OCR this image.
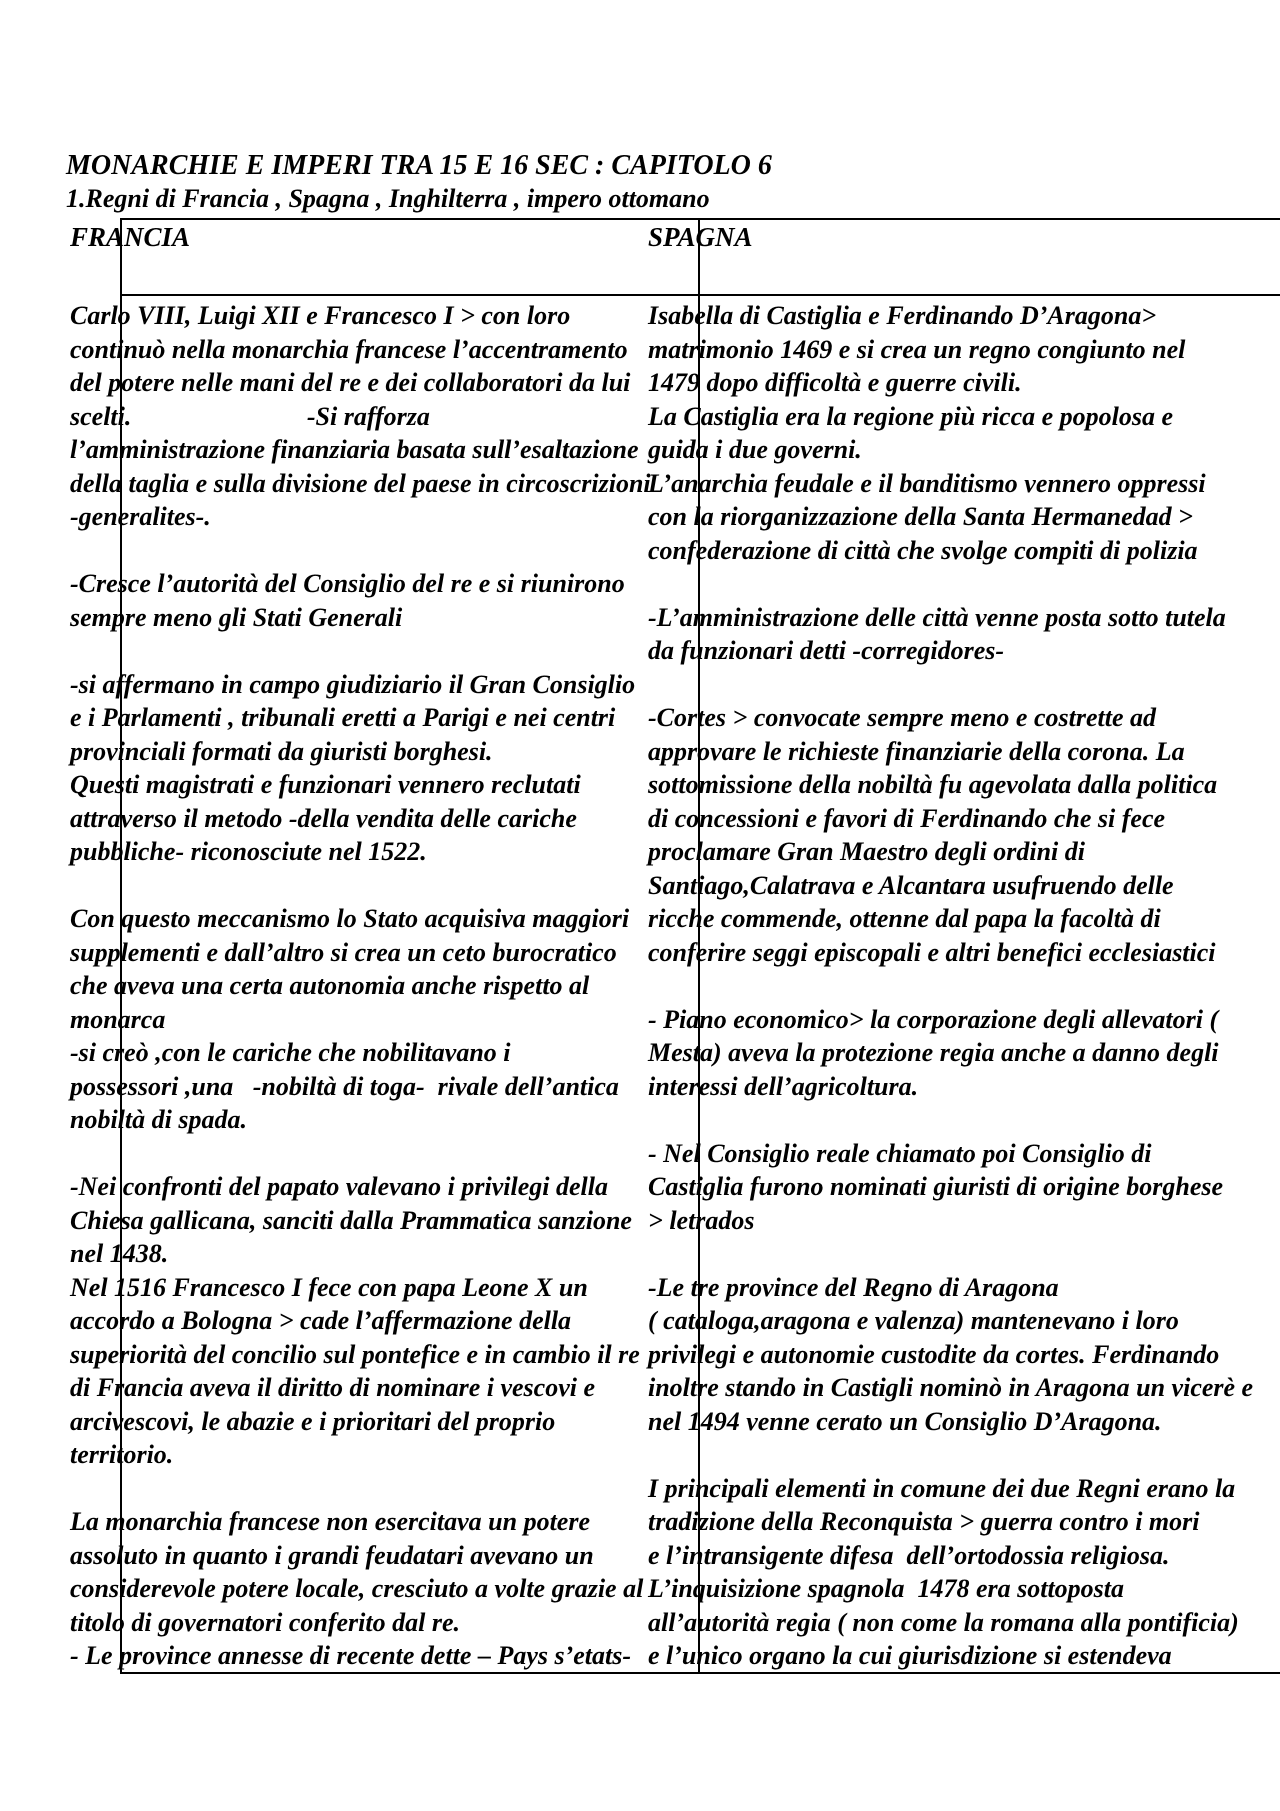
MONARCHIE E IMPERI TRA 15 E 16 SEC : CAPITOLO 6
1.Regni di Francia , Spagna , Inghilterra , impero ottomano
FRANCIA	SPAGNA
Carlo VIII, Luigi XII e Francesco I > con loro
continuò nella monarchia francese l’accentramento
del potere nelle mani del re e dei collaboratori da lui
scelti.                           -Si rafforza
l’amministrazione finanziaria basata sull’esaltazione
della taglia e sulla divisione del paese in circoscrizioni
-generalites-.
-Cresce l’autorità del Consiglio del re e si riunirono
sempre meno gli Stati Generali
-si affermano in campo giudiziario il Gran Consiglio
e i Parlamenti , tribunali eretti a Parigi e nei centri
provinciali formati da giuristi borghesi.
Questi magistrati e funzionari vennero reclutati
attraverso il metodo -della vendita delle cariche
pubbliche- riconosciute nel 1522.
Con questo meccanismo lo Stato acquisiva maggiori
supplementi e dall’altro si crea un ceto burocratico
che aveva una certa autonomia anche rispetto al
monarca
-si creò ,con le cariche che nobilitavano i
possessori ,una   -nobiltà di toga-  rivale dell’antica
nobiltà di spada.
-Nei confronti del papato valevano i privilegi della
Chiesa gallicana, sanciti dalla Prammatica sanzione
nel 1438.
Nel 1516 Francesco I fece con papa Leone X un
accordo a Bologna > cade l’affermazione della
superiorità del concilio sul pontefice e in cambio il re
di Francia aveva il diritto di nominare i vescovi e
arcivescovi, le abazie e i prioritari del proprio
territorio.
La monarchia francese non esercitava un potere
assoluto in quanto i grandi feudatari avevano un
considerevole potere locale, cresciuto a volte grazie al
titolo di governatori conferito dal re.
- Le province annesse di recente dette – Pays s’etats-
Isabella di Castiglia e Ferdinando D’Aragona>
matrimonio 1469 e si crea un regno congiunto nel
1479 dopo difficoltà e guerre civili.
La Castiglia era la regione più ricca e popolosa e
guida i due governi.
L’anarchia feudale e il banditismo vennero oppressi
con la riorganizzazione della Santa Hermanedad >
confederazione di città che svolge compiti di polizia
-L’amministrazione delle città venne posta sotto tutela
da funzionari detti -corregidores-
-Cortes > convocate sempre meno e costrette ad
approvare le richieste finanziarie della corona. La
sottomissione della nobiltà fu agevolata dalla politica
di concessioni e favori di Ferdinando che si fece
proclamare Gran Maestro degli ordini di
Santiago,Calatrava e Alcantara usufruendo delle
ricche commende, ottenne dal papa la facoltà di
conferire seggi episcopali e altri benefici ecclesiastici
- Piano economico> la corporazione degli allevatori (
Mesta) aveva la protezione regia anche a danno degli
interessi dell’agricoltura.
- Nel Consiglio reale chiamato poi Consiglio di
Castiglia furono nominati giuristi di origine borghese
> letrados
-Le tre province del Regno di Aragona
( cataloga,aragona e valenza) mantenevano i loro
privilegi e autonomie custodite da cortes. Ferdinando
inoltre stando in Castigli nominò in Aragona un vicerè e
nel 1494 venne cerato un Consiglio D’Aragona.
I principali elementi in comune dei due Regni erano la
tradizione della Reconquista > guerra contro i mori
e l’intransigente difesa  dell’ortodossia religiosa.
L’inquisizione spagnola  1478 era sottoposta
all’autorità regia ( non come la romana alla pontificia)
e l’unico organo la cui giurisdizione si estendeva
